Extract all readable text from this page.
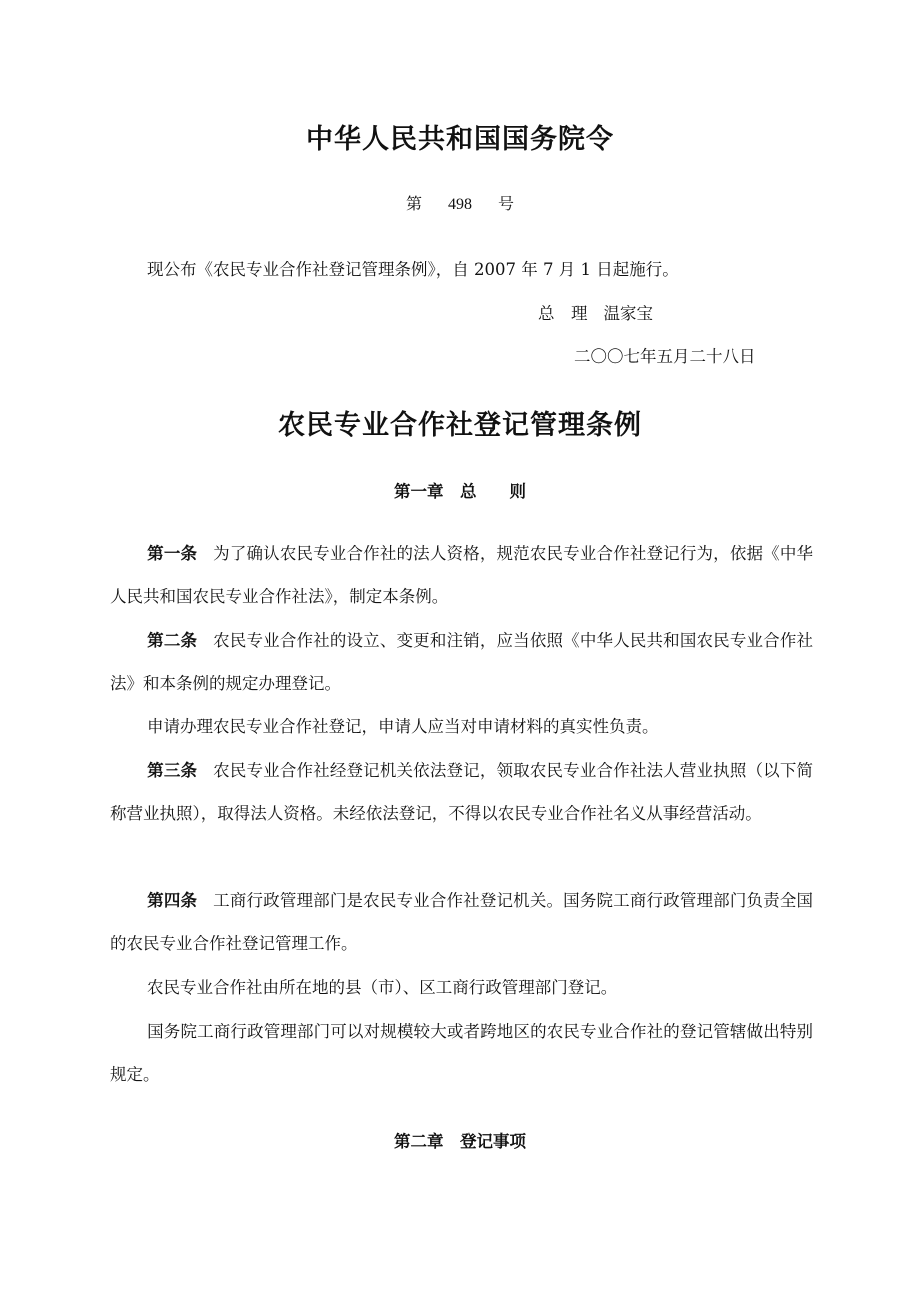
中华人民共和国国务院令
第 498 号
现公布《农民专业合作社登记管理条例》，自 2007 年 7 月 1 日起施行。
总　理 温家宝
二〇〇七年五月二十八日
农民专业合作社登记管理条例
第一章　总　　则
第一条 为了确认农民专业合作社的法人资格，规范农民专业合作社登记行为，依据《中华人民共和国农民专业合作社法》，制定本条例。
第二条 农民专业合作社的设立、变更和注销，应当依照《中华人民共和国农民专业合作社法》和本条例的规定办理登记。
申请办理农民专业合作社登记，申请人应当对申请材料的真实性负责。
第三条 农民专业合作社经登记机关依法登记，领取农民专业合作社法人营业执照（以下简称营业执照），取得法人资格。未经依法登记，不得以农民专业合作社名义从事经营活动。
第四条 工商行政管理部门是农民专业合作社登记机关。国务院工商行政管理部门负责全国的农民专业合作社登记管理工作。
农民专业合作社由所在地的县（市）、区工商行政管理部门登记。
国务院工商行政管理部门可以对规模较大或者跨地区的农民专业合作社的登记管辖做出特别规定。
第二章　登记事项
